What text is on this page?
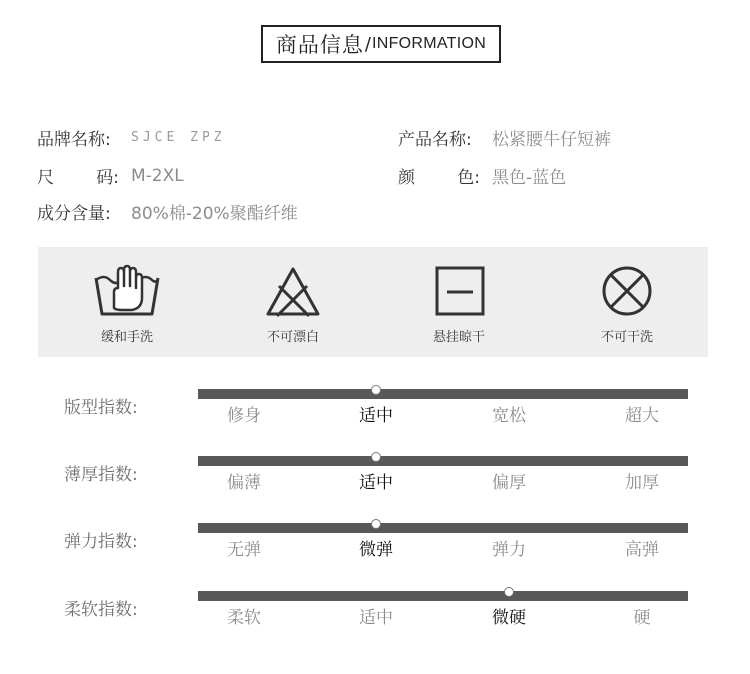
商品信息 / INFORMATION
品牌名称:	SJCE ZPZ	产品名称:	松紧腰牛仔短裤
尺 码: M-2XL	颜 色: 黑色-蓝色
成分含量:	80%棉-20%聚酯纤维
缓和手洗	不可漂白	悬挂晾干	不可干洗
版型指数:	修身	适中	宽松	超大
薄厚指数:	偏薄	适中	偏厚	加厚
弹力指数:	无弹	微弹	弹力	高弹
柔软指数:	柔软	适中	微硬	硬
